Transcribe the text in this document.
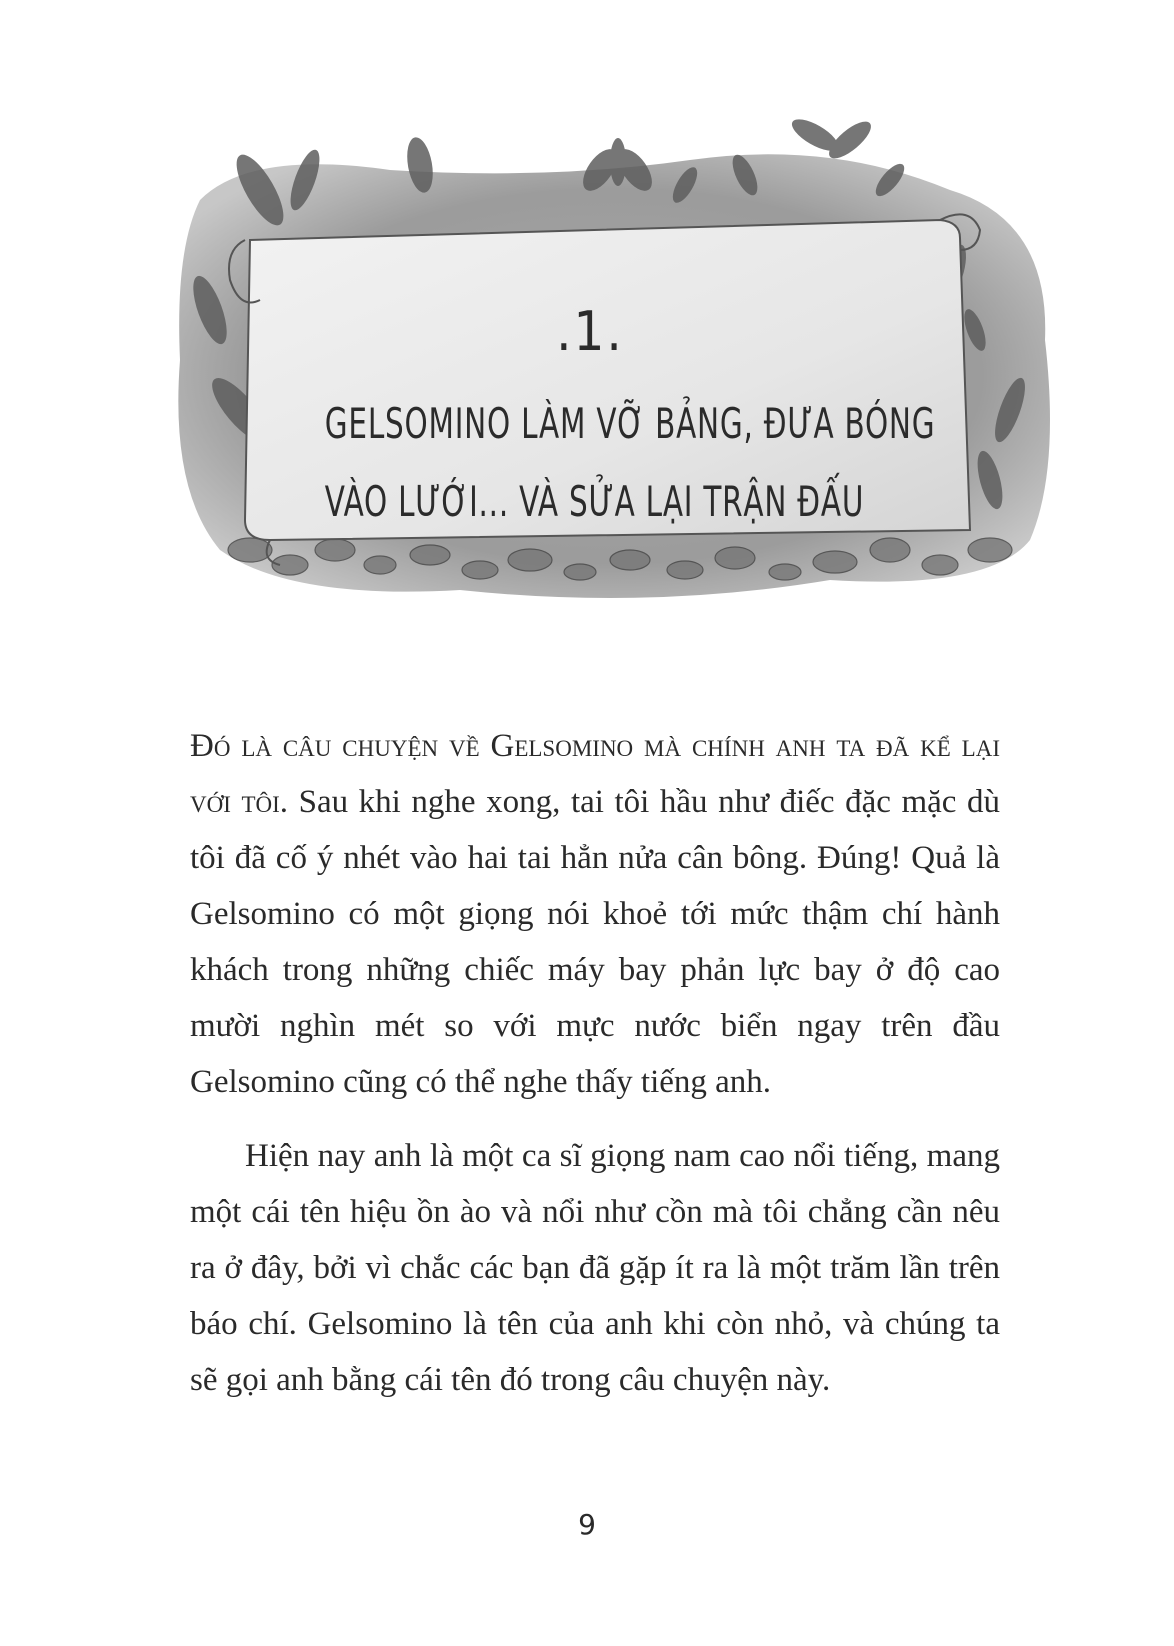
.1.
GELSOMINO LÀM VỠ BẢNG, ĐƯA BÓNG
VÀO LƯỚI... VÀ SỬA LẠI TRẬN ĐẤU

Đó là câu chuyện về Gelsomino mà chính anh ta đã kể lại với tôi. Sau khi nghe xong, tai tôi hầu như điếc đặc mặc dù tôi đã cố ý nhét vào hai tai hẳn nửa cân bông. Đúng! Quả là Gelsomino có một giọng nói khoẻ tới mức thậm chí hành khách trong những chiếc máy bay phản lực bay ở độ cao mười nghìn mét so với mực nước biển ngay trên đầu Gelsomino cũng có thể nghe thấy tiếng anh.

Hiện nay anh là một ca sĩ giọng nam cao nổi tiếng, mang một cái tên hiệu ồn ào và nổi như cồn mà tôi chẳng cần nêu ra ở đây, bởi vì chắc các bạn đã gặp ít ra là một trăm lần trên báo chí. Gelsomino là tên của anh khi còn nhỏ, và chúng ta sẽ gọi anh bằng cái tên đó trong câu chuyện này.

9
